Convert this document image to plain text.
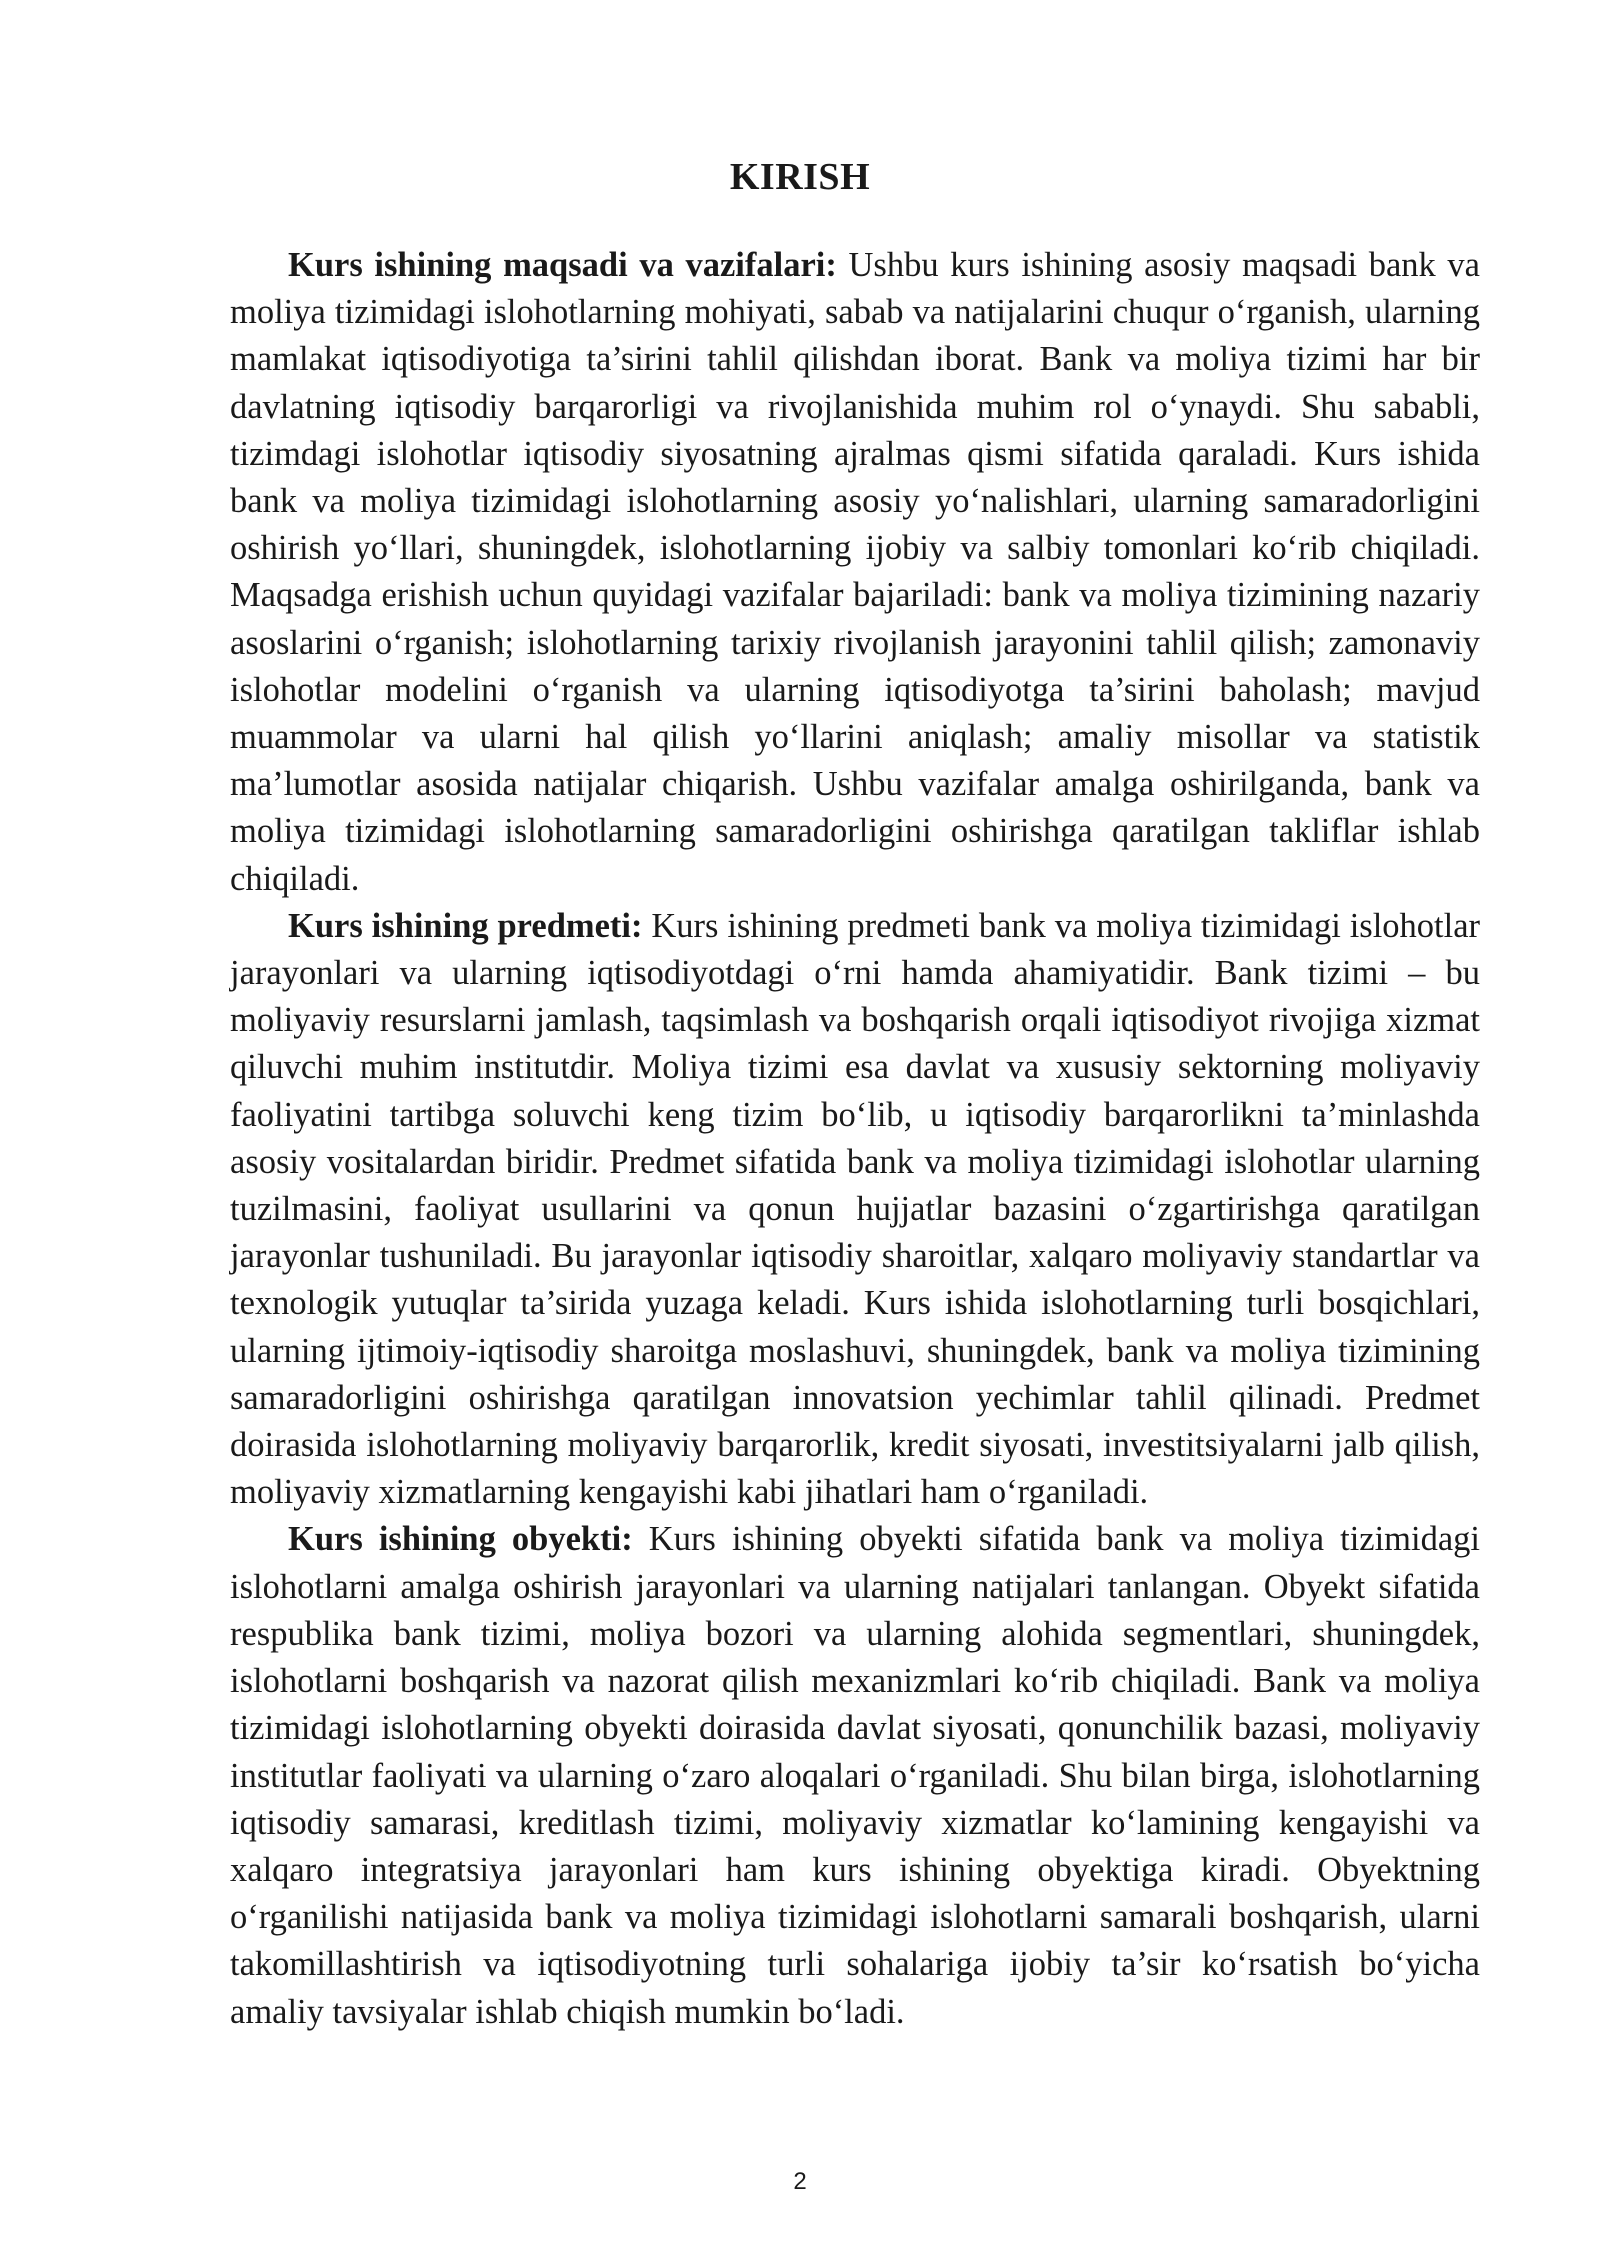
KIRISH

Kurs ishining maqsadi va vazifalari: Ushbu kurs ishining asosiy maqsadi bank va moliya tizimidagi islohotlarning mohiyati, sabab va natijalarini chuqur o‘rganish, ularning mamlakat iqtisodiyotiga ta’sirini tahlil qilishdan iborat. Bank va moliya tizimi har bir davlatning iqtisodiy barqarorligi va rivojlanishida muhim rol o‘ynaydi. Shu sababli, tizimdagi islohotlar iqtisodiy siyosatning ajralmas qismi sifatida qaraladi. Kurs ishida bank va moliya tizimidagi islohotlarning asosiy yo‘nalishlari, ularning samaradorligini oshirish yo‘llari, shuningdek, islohotlarning ijobiy va salbiy tomonlari ko‘rib chiqiladi. Maqsadga erishish uchun quyidagi vazifalar bajariladi: bank va moliya tizimining nazariy asoslarini o‘rganish; islohotlarning tarixiy rivojlanish jarayonini tahlil qilish; zamonaviy islohotlar modelini o‘rganish va ularning iqtisodiyotga ta’sirini baholash; mavjud muammolar va ularni hal qilish yo‘llarini aniqlash; amaliy misollar va statistik ma’lumotlar asosida natijalar chiqarish. Ushbu vazifalar amalga oshirilganda, bank va moliya tizimidagi islohotlarning samaradorligini oshirishga qaratilgan takliflar ishlab chiqiladi.

Kurs ishining predmeti: Kurs ishining predmeti bank va moliya tizimidagi islohotlar jarayonlari va ularning iqtisodiyotdagi o‘rni hamda ahamiyatidir. Bank tizimi – bu moliyaviy resurslarni jamlash, taqsimlash va boshqarish orqali iqtisodiyot rivojiga xizmat qiluvchi muhim institutdir. Moliya tizimi esa davlat va xususiy sektorning moliyaviy faoliyatini tartibga soluvchi keng tizim bo‘lib, u iqtisodiy barqarorlikni ta’minlashda asosiy vositalardan biridir. Predmet sifatida bank va moliya tizimidagi islohotlar ularning tuzilmasini, faoliyat usullarini va qonun hujjatlar bazasini o‘zgartirishga qaratilgan jarayonlar tushuniladi. Bu jarayonlar iqtisodiy sharoitlar, xalqaro moliyaviy standartlar va texnologik yutuqlar ta’sirida yuzaga keladi. Kurs ishida islohotlarning turli bosqichlari, ularning ijtimoiy-iqtisodiy sharoitga moslashuvi, shuningdek, bank va moliya tizimining samaradorligini oshirishga qaratilgan innovatsion yechimlar tahlil qilinadi. Predmet doirasida islohotlarning moliyaviy barqarorlik, kredit siyosati, investitsiyalarni jalb qilish, moliyaviy xizmatlarning kengayishi kabi jihatlari ham o‘rganiladi.

Kurs ishining obyekti: Kurs ishining obyekti sifatida bank va moliya tizimidagi islohotlarni amalga oshirish jarayonlari va ularning natijalari tanlangan. Obyekt sifatida respublika bank tizimi, moliya bozori va ularning alohida segmentlari, shuningdek, islohotlarni boshqarish va nazorat qilish mexanizmlari ko‘rib chiqiladi. Bank va moliya tizimidagi islohotlarning obyekti doirasida davlat siyosati, qonunchilik bazasi, moliyaviy institutlar faoliyati va ularning o‘zaro aloqalari o‘rganiladi. Shu bilan birga, islohotlarning iqtisodiy samarasi, kreditlash tizimi, moliyaviy xizmatlar ko‘lamining kengayishi va xalqaro integratsiya jarayonlari ham kurs ishining obyektiga kiradi. Obyektning o‘rganilishi natijasida bank va moliya tizimidagi islohotlarni samarali boshqarish, ularni takomillashtirish va iqtisodiyotning turli sohalariga ijobiy ta’sir ko‘rsatish bo‘yicha amaliy tavsiyalar ishlab chiqish mumkin bo‘ladi.

2
